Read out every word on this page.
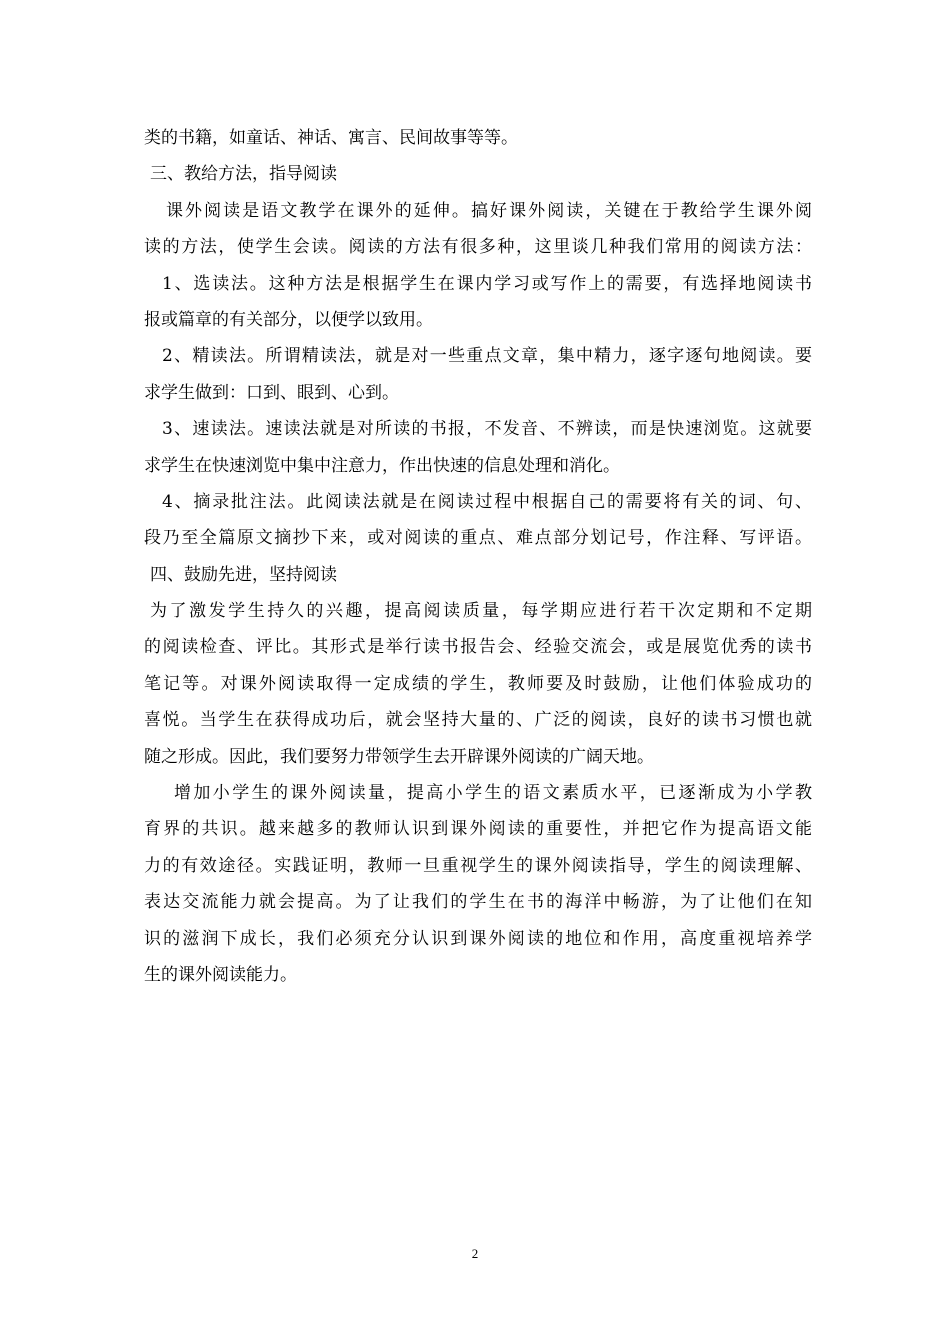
类的书籍，如童话、神话、寓言、民间故事等等。
三、教给方法，指导阅读
课外阅读是语文教学在课外的延伸。搞好课外阅读，关键在于教给学生课外阅
读的方法，使学生会读。阅读的方法有很多种，这里谈几种我们常用的阅读方法：
1、选读法。这种方法是根据学生在课内学习或写作上的需要，有选择地阅读书
报或篇章的有关部分，以便学以致用。
2、精读法。所谓精读法，就是对一些重点文章，集中精力，逐字逐句地阅读。要
求学生做到：口到、眼到、心到。
3、速读法。速读法就是对所读的书报，不发音、不辨读，而是快速浏览。这就要
求学生在快速浏览中集中注意力，作出快速的信息处理和消化。
4、摘录批注法。此阅读法就是在阅读过程中根据自己的需要将有关的词、句、
段乃至全篇原文摘抄下来，或对阅读的重点、难点部分划记号，作注释、写评语。
四、鼓励先进，坚持阅读
为了激发学生持久的兴趣，提高阅读质量，每学期应进行若干次定期和不定期
的阅读检查、评比。其形式是举行读书报告会、经验交流会，或是展览优秀的读书
笔记等。对课外阅读取得一定成绩的学生，教师要及时鼓励，让他们体验成功的
喜悦。当学生在获得成功后，就会坚持大量的、广泛的阅读，良好的读书习惯也就
随之形成。因此，我们要努力带领学生去开辟课外阅读的广阔天地。
增加小学生的课外阅读量，提高小学生的语文素质水平，已逐渐成为小学教
育界的共识。越来越多的教师认识到课外阅读的重要性，并把它作为提高语文能
力的有效途径。实践证明，教师一旦重视学生的课外阅读指导，学生的阅读理解、
表达交流能力就会提高。为了让我们的学生在书的海洋中畅游，为了让他们在知
识的滋润下成长，我们必须充分认识到课外阅读的地位和作用，高度重视培养学
生的课外阅读能力。
2
